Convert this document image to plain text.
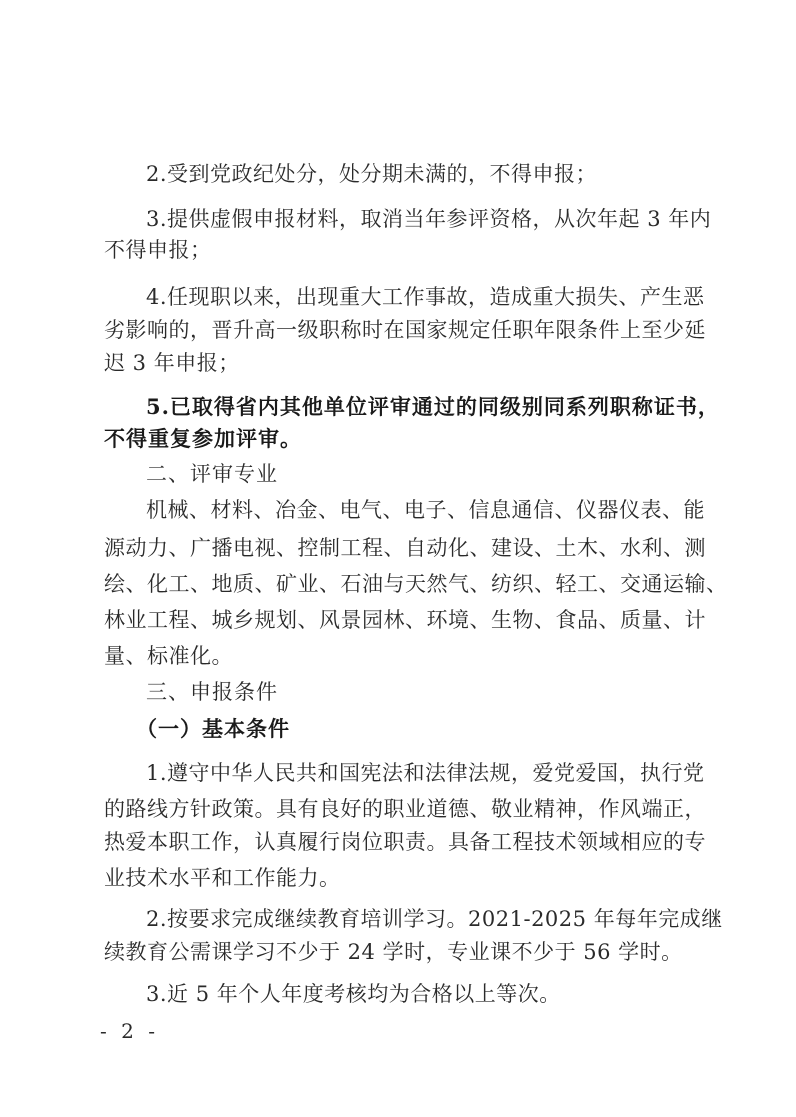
2.受到党政纪处分，处分期未满的，不得申报；
3.提供虚假申报材料，取消当年参评资格，从次年起 3 年内
不得申报；
4.任现职以来，出现重大工作事故，造成重大损失、产生恶
劣影响的，晋升高一级职称时在国家规定任职年限条件上至少延
迟 3 年申报；
5.已取得省内其他单位评审通过的同级别同系列职称证书，
不得重复参加评审。
二、评审专业
机械、材料、冶金、电气、电子、信息通信、仪器仪表、能
源动力、广播电视、控制工程、自动化、建设、土木、水利、测
绘、化工、地质、矿业、石油与天然气、纺织、轻工、交通运输、
林业工程、城乡规划、风景园林、环境、生物、食品、质量、计
量、标准化。
三、申报条件
（一）基本条件
1.遵守中华人民共和国宪法和法律法规，爱党爱国，执行党
的路线方针政策。具有良好的职业道德、敬业精神，作风端正，
热爱本职工作，认真履行岗位职责。具备工程技术领域相应的专
业技术水平和工作能力。
2.按要求完成继续教育培训学习。2021-2025 年每年完成继
续教育公需课学习不少于 24 学时，专业课不少于 56 学时。
3.近 5 年个人年度考核均为合格以上等次。
- 2 -
